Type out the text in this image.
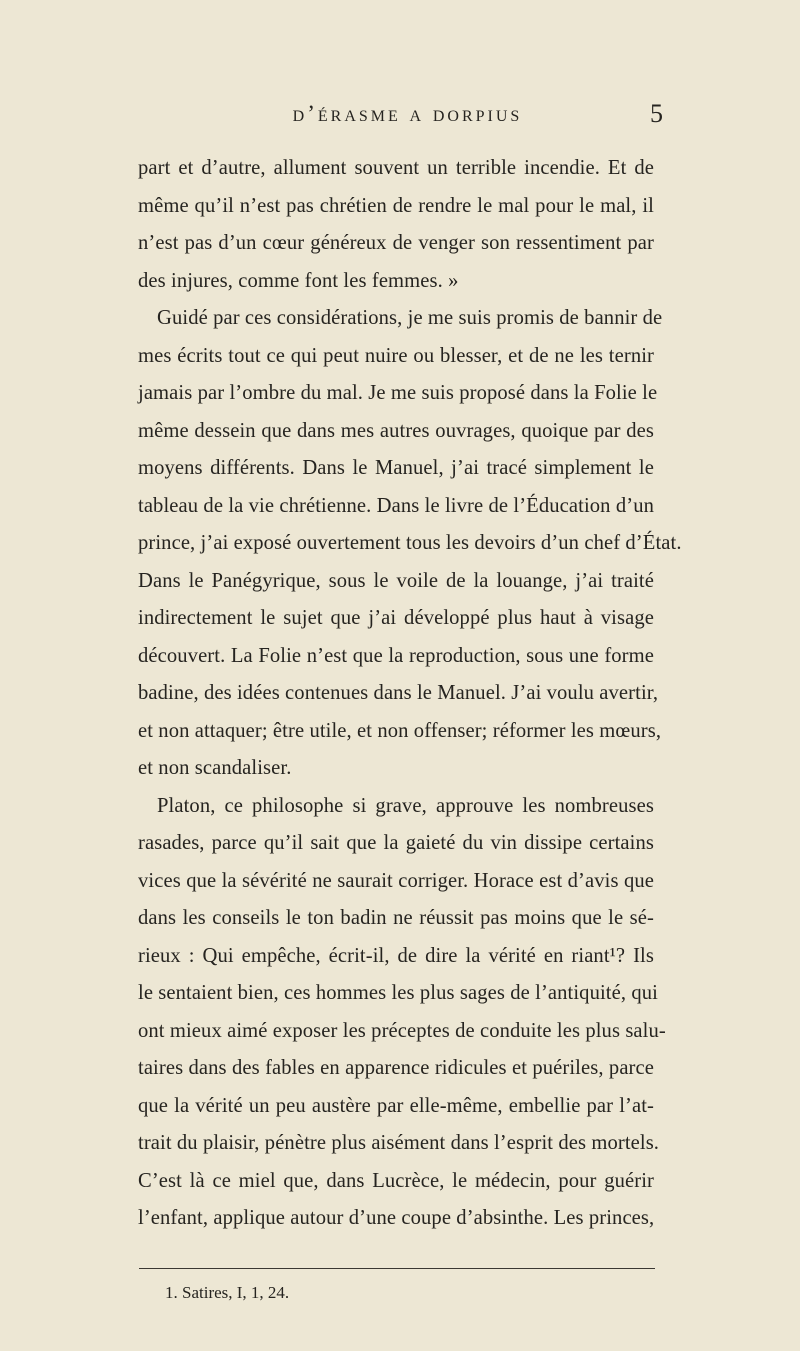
d’érasme a dorpius	5
part et d’autre, allument souvent un terrible incendie. Et de
même qu’il n’est pas chrétien de rendre le mal pour le mal, il
n’est pas d’un cœur généreux de venger son ressentiment par
des injures, comme font les femmes. »
Guidé par ces considérations, je me suis promis de bannir de
mes écrits tout ce qui peut nuire ou blesser, et de ne les ternir
jamais par l’ombre du mal. Je me suis proposé dans la Folie le
même dessein que dans mes autres ouvrages, quoique par des
moyens différents. Dans le Manuel, j’ai tracé simplement le
tableau de la vie chrétienne. Dans le livre de l’Éducation d’un
prince, j’ai exposé ouvertement tous les devoirs d’un chef d’État.
Dans le Panégyrique, sous le voile de la louange, j’ai traité
indirectement le sujet que j’ai développé plus haut à visage
découvert. La Folie n’est que la reproduction, sous une forme
badine, des idées contenues dans le Manuel. J’ai voulu avertir,
et non attaquer; être utile, et non offenser; réformer les mœurs,
et non scandaliser.
Platon, ce philosophe si grave, approuve les nombreuses
rasades, parce qu’il sait que la gaieté du vin dissipe certains
vices que la sévérité ne saurait corriger. Horace est d’avis que
dans les conseils le ton badin ne réussit pas moins que le sé-
rieux : Qui empêche, écrit-il, de dire la vérité en riant¹? Ils
le sentaient bien, ces hommes les plus sages de l’antiquité, qui
ont mieux aimé exposer les préceptes de conduite les plus salu-
taires dans des fables en apparence ridicules et puériles, parce
que la vérité un peu austère par elle-même, embellie par l’at-
trait du plaisir, pénètre plus aisément dans l’esprit des mortels.
C’est là ce miel que, dans Lucrèce, le médecin, pour guérir
l’enfant, applique autour d’une coupe d’absinthe. Les princes,
1. Satires, I, 1, 24.
